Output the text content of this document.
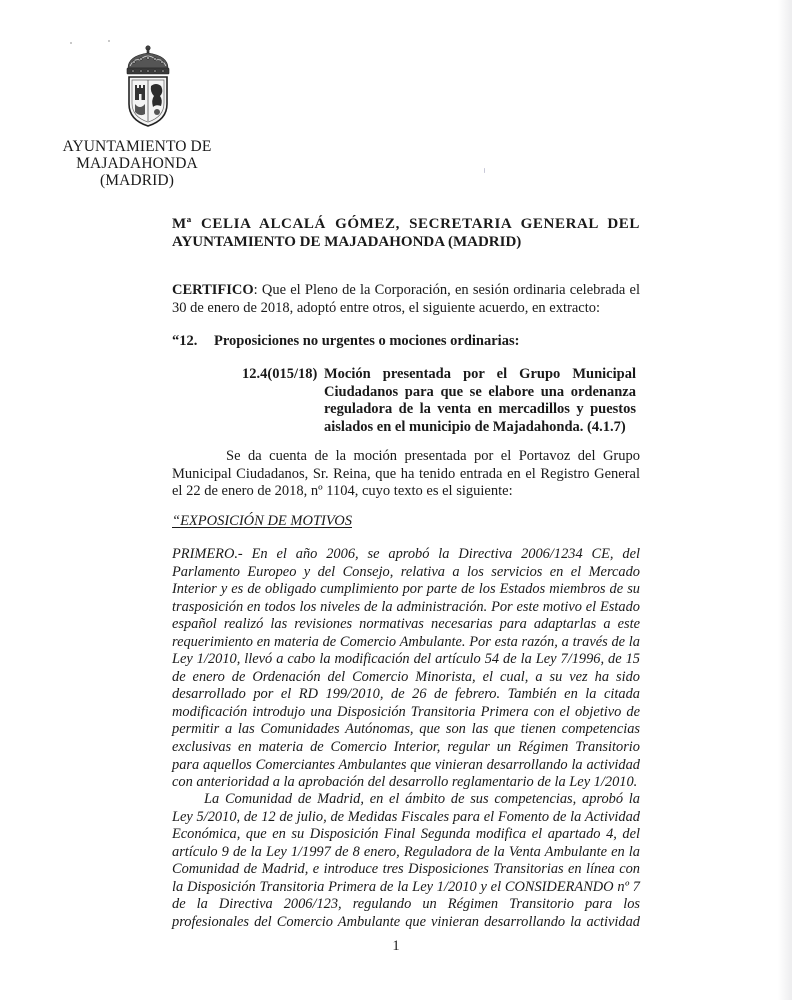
AYUNTAMIENTO DE
MAJADAHONDA
(MADRID)
Mª CELIA ALCALÁ GÓMEZ, SECRETARIA GENERAL DEL
AYUNTAMIENTO DE MAJADAHONDA (MADRID)
CERTIFICO: Que el Pleno de la Corporación, en sesión ordinaria celebrada el 30 de enero de 2018, adoptó entre otros, el siguiente acuerdo, en extracto:
“12. Proposiciones no urgentes o mociones ordinarias:
12.4(015/18) Moción presentada por el Grupo Municipal
Ciudadanos para que se elabore una ordenanza reguladora de la venta en mercadillos y puestos aislados en el municipio de Majadahonda. (4.1.7)
Se da cuenta de la moción presentada por el Portavoz del Grupo Municipal Ciudadanos, Sr. Reina, que ha tenido entrada en el Registro General el 22 de enero de 2018, nº 1104, cuyo texto es el siguiente:
“EXPOSICIÓN DE MOTIVOS
PRIMERO.- En el año 2006, se aprobó la Directiva 2006/1234 CE, del Parlamento Europeo y del Consejo, relativa a los servicios en el Mercado Interior y es de obligado cumplimiento por parte de los Estados miembros de su trasposición en todos los niveles de la administración. Por este motivo el Estado español realizó las revisiones normativas necesarias para adaptarlas a este requerimiento en materia de Comercio Ambulante. Por esta razón, a través de la Ley 1/2010, llevó a cabo la modificación del artículo 54 de la Ley 7/1996, de 15 de enero de Ordenación del Comercio Minorista, el cual, a su vez ha sido desarrollado por el RD 199/2010, de 26 de febrero. También en la citada modificación introdujo una Disposición Transitoria Primera con el objetivo de permitir a las Comunidades Autónomas, que son las que tienen competencias exclusivas en materia de Comercio Interior, regular un Régimen Transitorio para aquellos Comerciantes Ambulantes que vinieran desarrollando la actividad con anterioridad a la aprobación del desarrollo reglamentario de la Ley 1/2010.
La Comunidad de Madrid, en el ámbito de sus competencias, aprobó la Ley 5/2010, de 12 de julio, de Medidas Fiscales para el Fomento de la Actividad Económica, que en su Disposición Final Segunda modifica el apartado 4, del artículo 9 de la Ley 1/1997 de 8 enero, Reguladora de la Venta Ambulante en la Comunidad de Madrid, e introduce tres Disposiciones Transitorias en línea con la Disposición Transitoria Primera de la Ley 1/2010 y el CONSIDERANDO nº 7 de la Directiva 2006/123, regulando un Régimen Transitorio para los profesionales del Comercio Ambulante que vinieran desarrollando la actividad
1
